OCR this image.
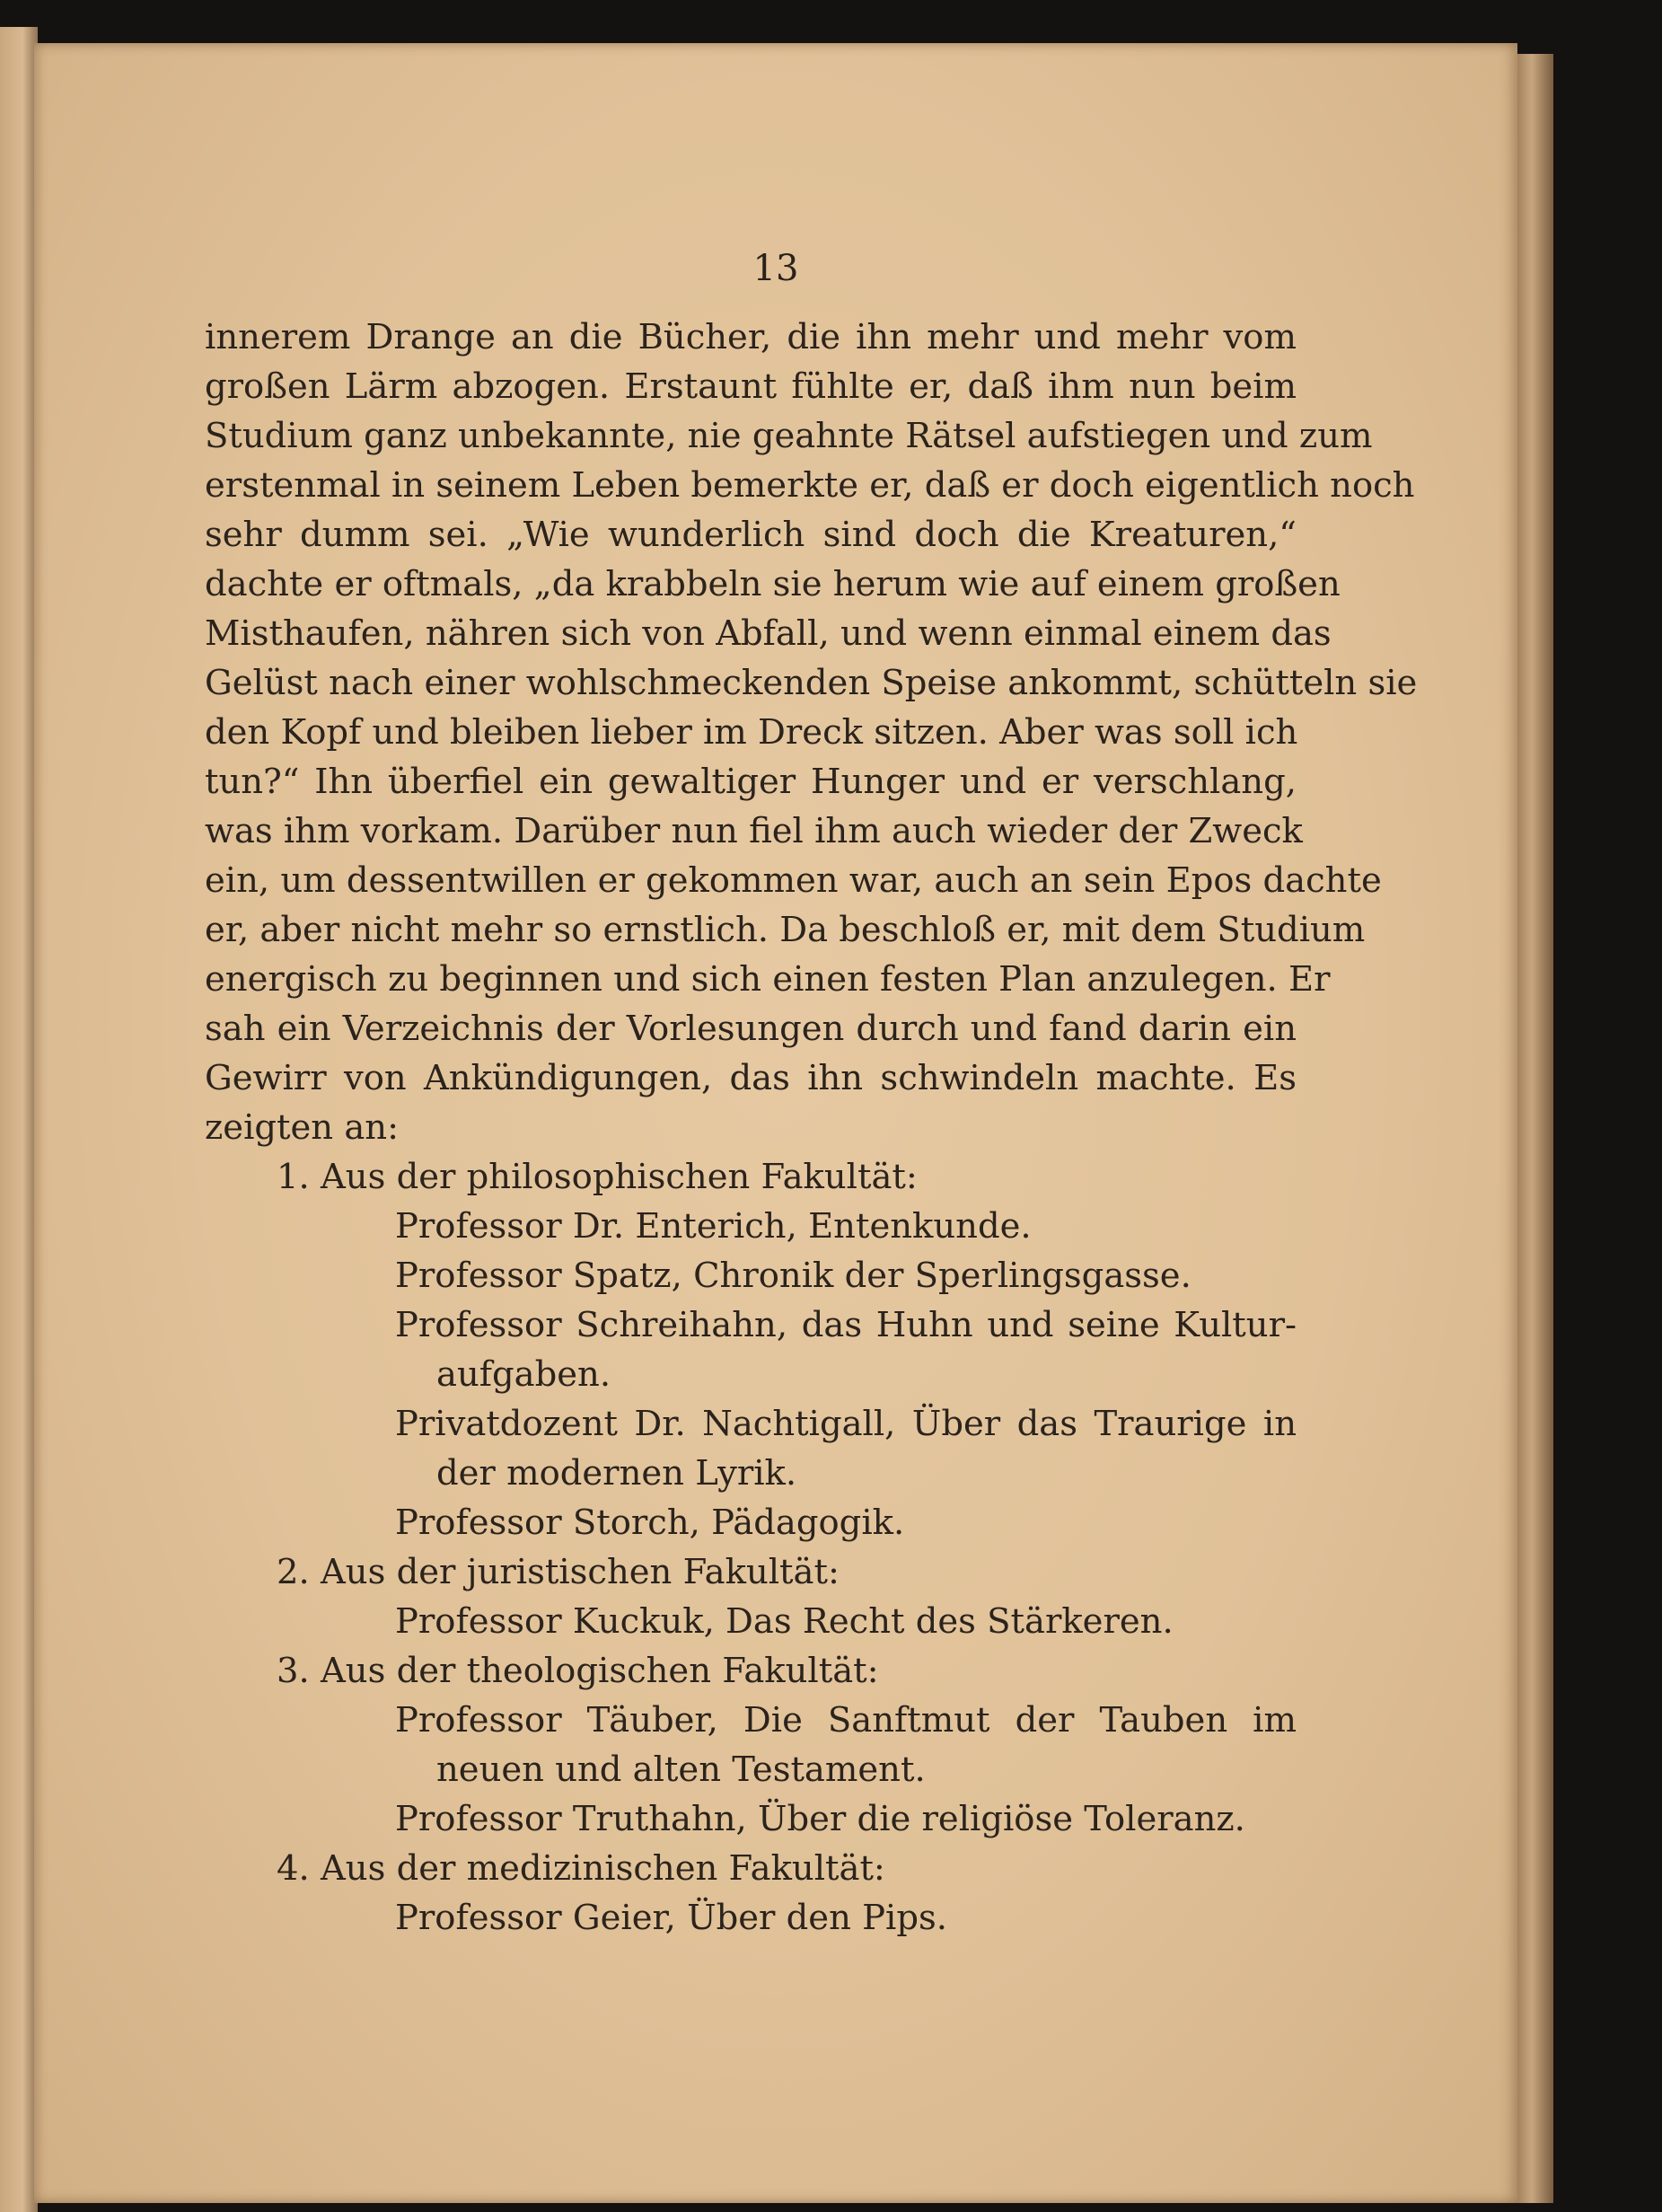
13
innerem Drange an die Bücher, die ihn mehr und mehr vom
großen Lärm abzogen. Erstaunt fühlte er, daß ihm nun beim
Studium ganz unbekannte, nie geahnte Rätsel aufstiegen und zum
erstenmal in seinem Leben bemerkte er, daß er doch eigentlich noch
sehr dumm sei. „Wie wunderlich sind doch die Kreaturen,“
dachte er oftmals, „da krabbeln sie herum wie auf einem großen
Misthaufen, nähren sich von Abfall, und wenn einmal einem das
Gelüst nach einer wohlschmeckenden Speise ankommt, schütteln sie
den Kopf und bleiben lieber im Dreck sitzen. Aber was soll ich
tun?“ Ihn überfiel ein gewaltiger Hunger und er verschlang,
was ihm vorkam. Darüber nun fiel ihm auch wieder der Zweck
ein, um dessentwillen er gekommen war, auch an sein Epos dachte
er, aber nicht mehr so ernstlich. Da beschloß er, mit dem Studium
energisch zu beginnen und sich einen festen Plan anzulegen. Er
sah ein Verzeichnis der Vorlesungen durch und fand darin ein
Gewirr von Ankündigungen, das ihn schwindeln machte. Es
zeigten an:
1. Aus der philosophischen Fakultät:
Professor Dr. Enterich, Entenkunde.
Professor Spatz, Chronik der Sperlingsgasse.
Professor Schreihahn, das Huhn und seine Kultur-
aufgaben.
Privatdozent Dr. Nachtigall, Über das Traurige in
der modernen Lyrik.
Professor Storch, Pädagogik.
2. Aus der juristischen Fakultät:
Professor Kuckuk, Das Recht des Stärkeren.
3. Aus der theologischen Fakultät:
Professor Täuber, Die Sanftmut der Tauben im
neuen und alten Testament.
Professor Truthahn, Über die religiöse Toleranz.
4. Aus der medizinischen Fakultät:
Professor Geier, Über den Pips.
